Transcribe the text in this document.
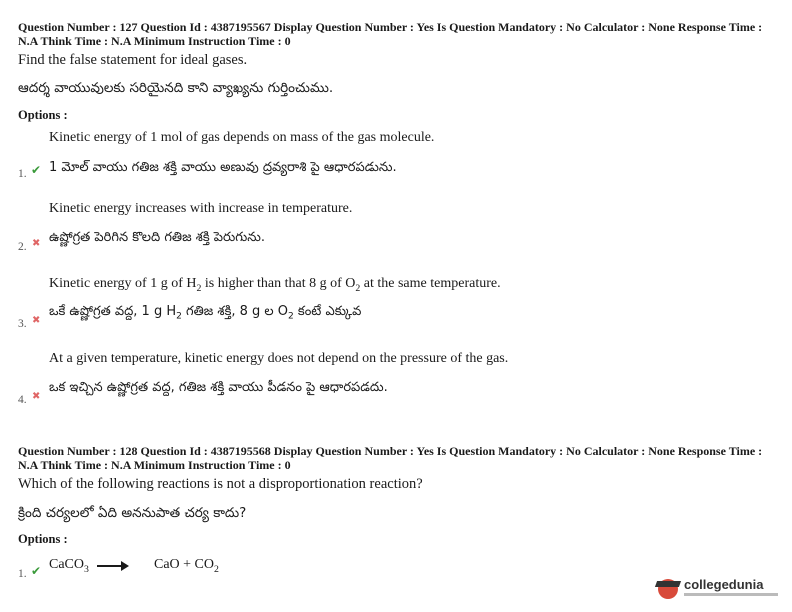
Question Number : 127 Question Id : 4387195567 Display Question Number : Yes Is Question Mandatory : No Calculator : None Response Time :
N.A Think Time : N.A Minimum Instruction Time : 0
Find the false statement for ideal gases.
ఆదర్శ వాయువులకు సరియైనది కాని వ్యాఖ్యను గుర్తించుము.
Options :
Kinetic energy of 1 mol of gas depends on mass of the gas molecule.
1. ✔ 1 మోల్ వాయు గతిజ శక్తి వాయు అణువు ద్రవ్యరాశి పై ఆధారపడును.
Kinetic energy increases with increase in temperature.
2. ✖ ఉష్ణోగ్రత పెరిగిన కొలది గతిజ శక్తి పెరుగును.
Kinetic energy of 1 g of $H_2$ is higher than that 8 g of $O_2$ at the same temperature.
3. ✖
ఒకే ఉష్ణోగ్రత వద్ద, 1 g $H_2$ గతిజ శక్తి, 8 g ల $O_2$ కంటే ఎక్కువ
At a given temperature, kinetic energy does not depend on the pressure of the gas.
4. ✖
ఒక ఇచ్చిన ఉష్ణోగ్రత వద్ద, గతిజ శక్తి వాయు పీడనం పై ఆధారపడదు.
Question Number : 128 Question Id : 4387195568 Display Question Number : Yes Is Question Mandatory : No Calculator : None Response Time :
N.A Think Time : N.A Minimum Instruction Time : 0
Which of the following reactions is not a disproportionation reaction?
క్రింది చర్యలలో ఏది అననుపాత చర్య కాదు?
Options :
CaCO$_3$ → CaO + $CO_2$
1. ✔
collegedunia
